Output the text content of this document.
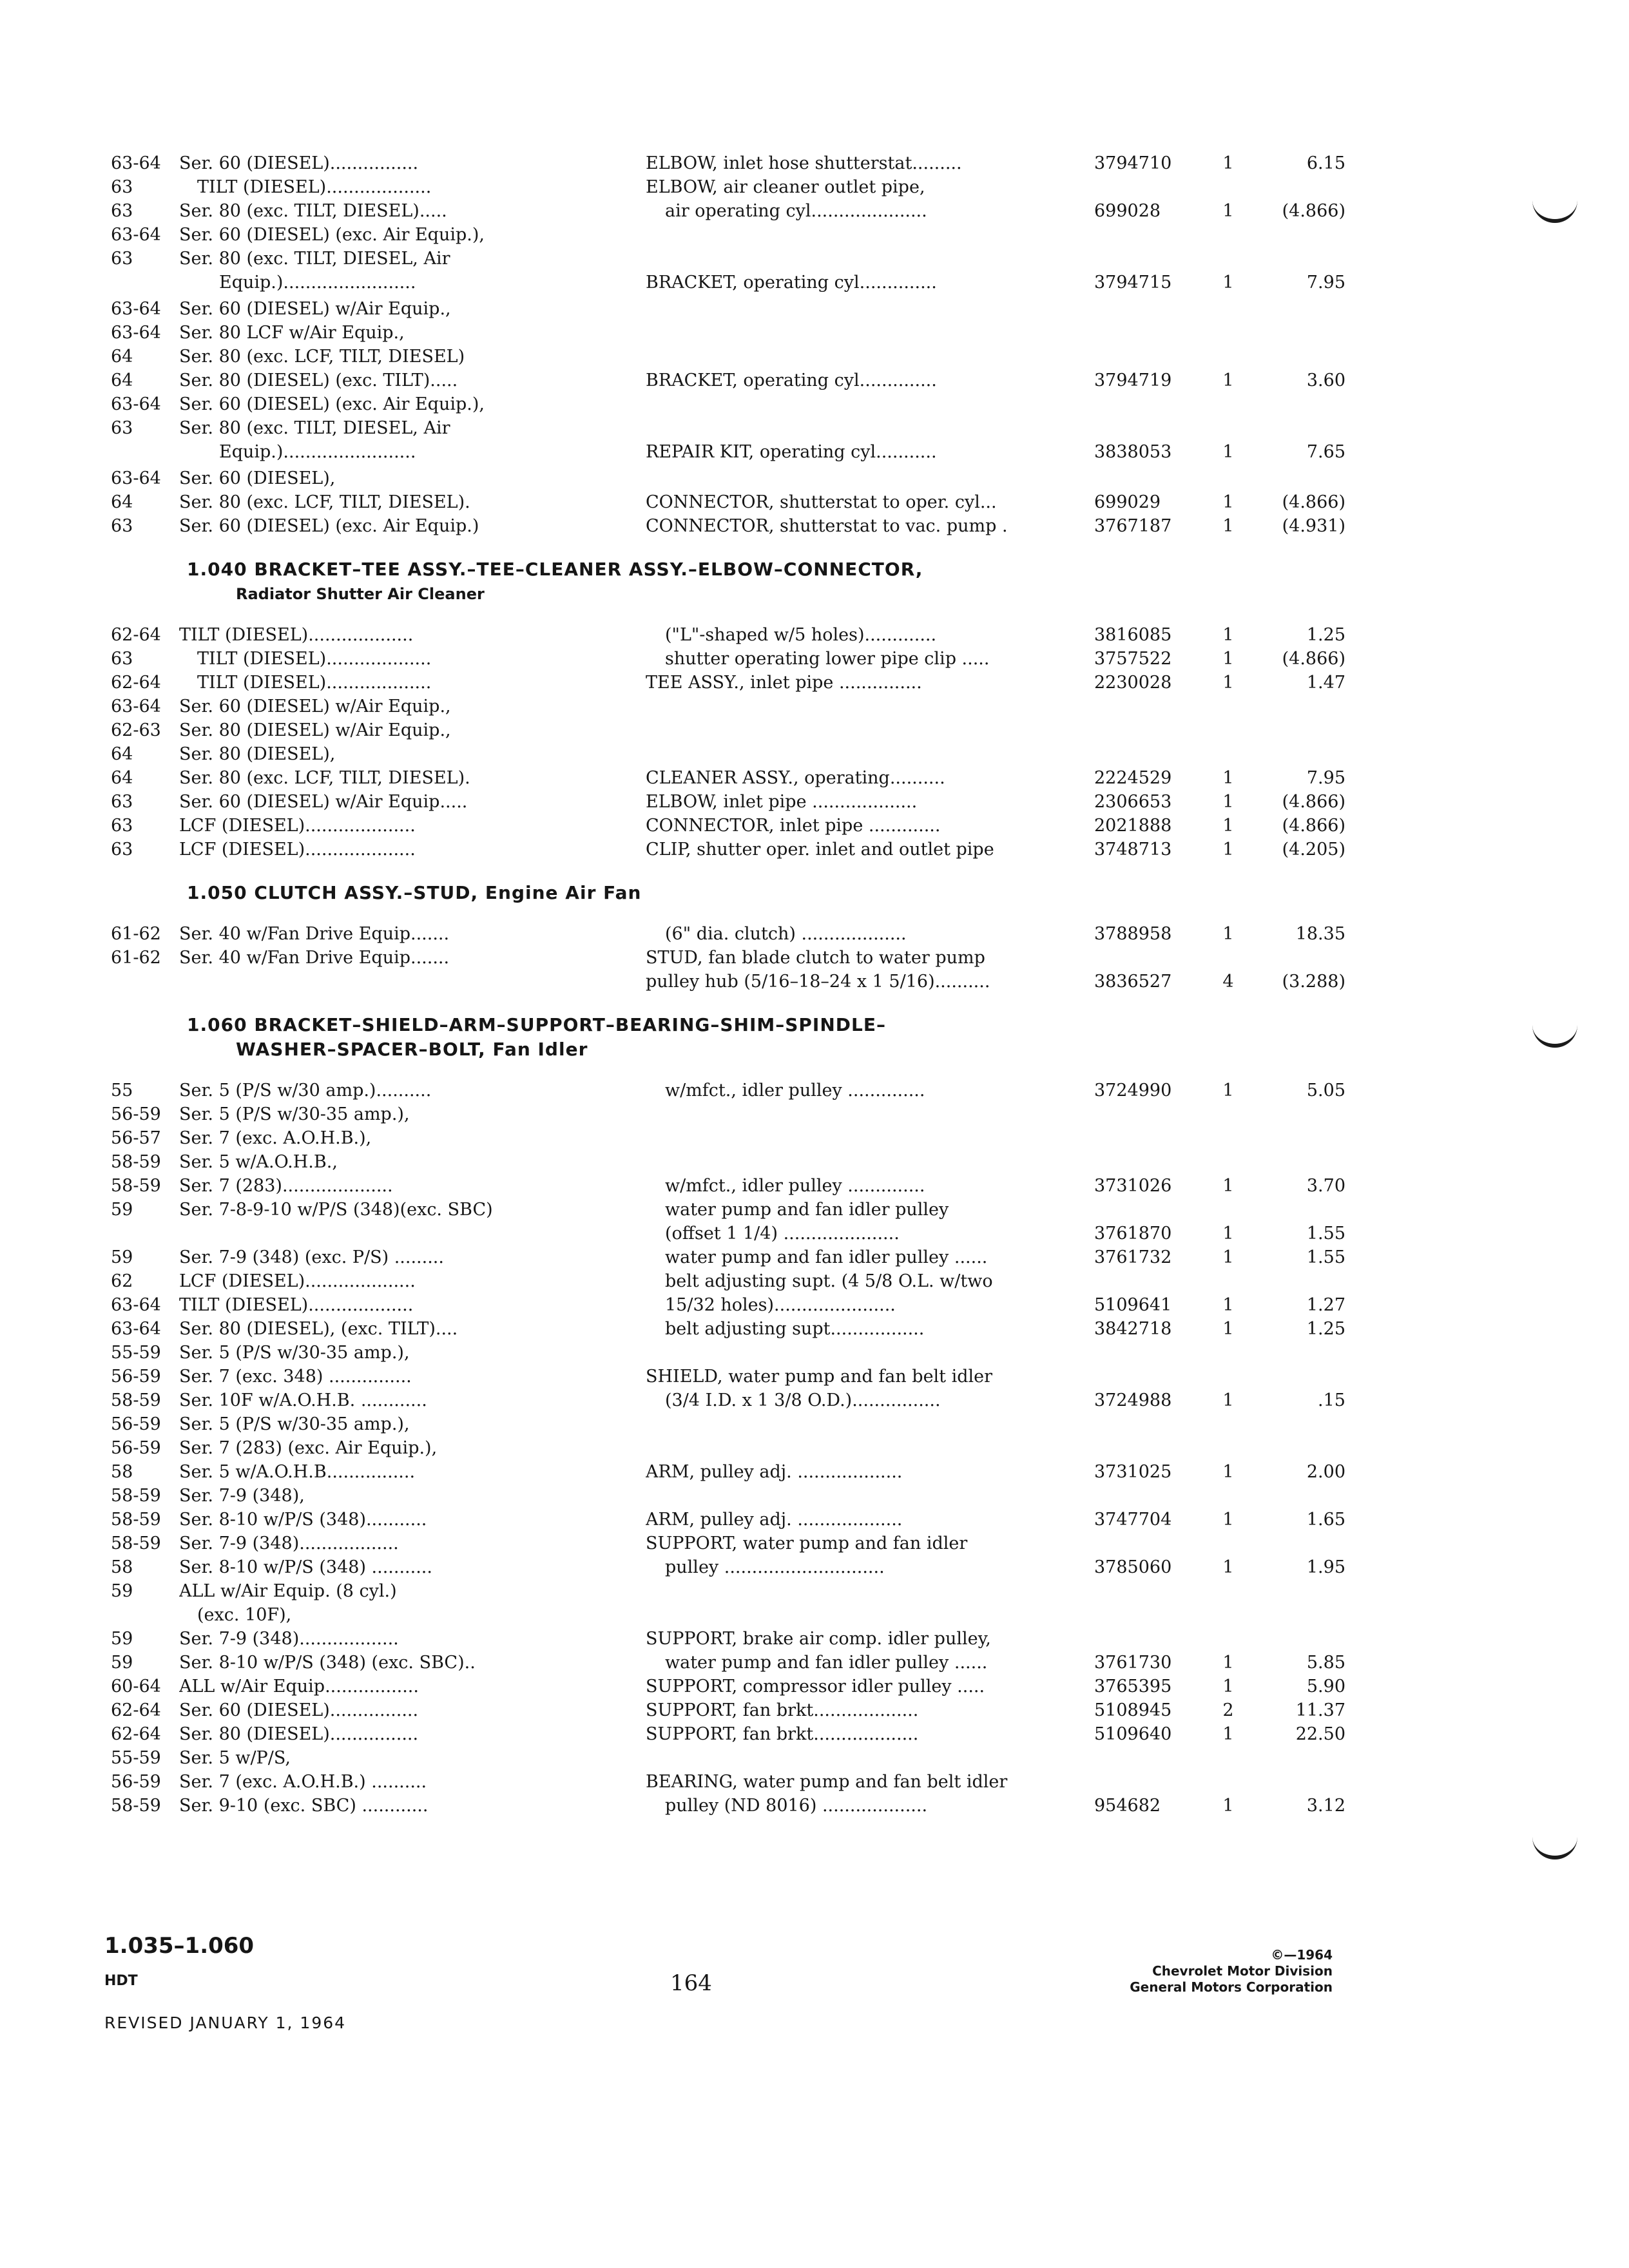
63-64	Ser. 60 (DIESEL)................	ELBOW, inlet hose shutterstat.........	3794710	1	6.15
63	TILT (DIESEL)...................	ELBOW, air cleaner outlet pipe,
63	Ser. 80 (exc. TILT, DIESEL).....	air operating cyl.....................	699028	1	(4.866)
63-64	Ser. 60 (DIESEL) (exc. Air Equip.),
63	Ser. 80 (exc. TILT, DIESEL, Air
Equip.)........................	BRACKET, operating cyl..............	3794715	1	7.95
63-64	Ser. 60 (DIESEL) w/Air Equip.,
63-64	Ser. 80 LCF w/Air Equip.,
64	Ser. 80 (exc. LCF, TILT, DIESEL)
64	Ser. 80 (DIESEL) (exc. TILT).....	BRACKET, operating cyl..............	3794719	1	3.60
63-64	Ser. 60 (DIESEL) (exc. Air Equip.),
63	Ser. 80 (exc. TILT, DIESEL, Air
Equip.)........................	REPAIR KIT, operating cyl...........	3838053	1	7.65
63-64	Ser. 60 (DIESEL),
64	Ser. 80 (exc. LCF, TILT, DIESEL).	CONNECTOR, shutterstat to oper. cyl...	699029	1	(4.866)
63	Ser. 60 (DIESEL) (exc. Air Equip.)	CONNECTOR, shutterstat to vac. pump .	3767187	1	(4.931)
1.040 BRACKET–TEE ASSY.–TEE–CLEANER ASSY.–ELBOW–CONNECTOR,
Radiator Shutter Air Cleaner
62-64	TILT (DIESEL)...................	("L"-shaped w/5 holes).............	3816085	1	1.25
63	TILT (DIESEL)...................	shutter operating lower pipe clip .....	3757522	1	(4.866)
62-64	TILT (DIESEL)...................	TEE ASSY., inlet pipe ...............	2230028	1	1.47
63-64	Ser. 60 (DIESEL) w/Air Equip.,
62-63	Ser. 80 (DIESEL) w/Air Equip.,
64	Ser. 80 (DIESEL),
64	Ser. 80 (exc. LCF, TILT, DIESEL).	CLEANER ASSY., operating..........	2224529	1	7.95
63	Ser. 60 (DIESEL) w/Air Equip.....	ELBOW, inlet pipe ...................	2306653	1	(4.866)
63	LCF (DIESEL)....................	CONNECTOR, inlet pipe .............	2021888	1	(4.866)
63	LCF (DIESEL)....................	CLIP, shutter oper. inlet and outlet pipe	3748713	1	(4.205)
1.050 CLUTCH ASSY.–STUD, Engine Air Fan
61-62	Ser. 40 w/Fan Drive Equip.......	(6" dia. clutch) ...................	3788958	1	18.35
61-62	Ser. 40 w/Fan Drive Equip.......	STUD, fan blade clutch to water pump
pulley hub (5/16–18–24 x 1 5/16)..........	3836527	4	(3.288)
1.060 BRACKET–SHIELD–ARM–SUPPORT–BEARING–SHIM–SPINDLE–
WASHER–SPACER–BOLT, Fan Idler
55	Ser. 5 (P/S w/30 amp.)..........	w/mfct., idler pulley ..............	3724990	1	5.05
56-59	Ser. 5 (P/S w/30-35 amp.),
56-57	Ser. 7 (exc. A.O.H.B.),
58-59	Ser. 5 w/A.O.H.B.,
58-59	Ser. 7 (283)....................	w/mfct., idler pulley ..............	3731026	1	3.70
59	Ser. 7-8-9-10 w/P/S (348)(exc. SBC)	water pump and fan idler pulley
(offset 1 1/4) .....................	3761870	1	1.55
59	Ser. 7-9 (348) (exc. P/S) .........	water pump and fan idler pulley ......	3761732	1	1.55
62	LCF (DIESEL)....................	belt adjusting supt. (4 5/8 O.L. w/two
63-64	TILT (DIESEL)...................	15/32 holes)......................	5109641	1	1.27
63-64	Ser. 80 (DIESEL), (exc. TILT)....	belt adjusting supt.................	3842718	1	1.25
55-59	Ser. 5 (P/S w/30-35 amp.),
56-59	Ser. 7 (exc. 348) ...............	SHIELD, water pump and fan belt idler
58-59	Ser. 10F w/A.O.H.B. ............	(3/4 I.D. x 1 3/8 O.D.)................	3724988	1	.15
56-59	Ser. 5 (P/S w/30-35 amp.),
56-59	Ser. 7 (283) (exc. Air Equip.),
58	Ser. 5 w/A.O.H.B................	ARM, pulley adj. ...................	3731025	1	2.00
58-59	Ser. 7-9 (348),
58-59	Ser. 8-10 w/P/S (348)...........	ARM, pulley adj. ...................	3747704	1	1.65
58-59	Ser. 7-9 (348)..................	SUPPORT, water pump and fan idler
58	Ser. 8-10 w/P/S (348) ...........	pulley .............................	3785060	1	1.95
59	ALL w/Air Equip. (8 cyl.)
(exc. 10F),
59	Ser. 7-9 (348)..................	SUPPORT, brake air comp. idler pulley,
59	Ser. 8-10 w/P/S (348) (exc. SBC)..	water pump and fan idler pulley ......	3761730	1	5.85
60-64	ALL w/Air Equip.................	SUPPORT, compressor idler pulley .....	3765395	1	5.90
62-64	Ser. 60 (DIESEL)................	SUPPORT, fan brkt...................	5108945	2	11.37
62-64	Ser. 80 (DIESEL)................	SUPPORT, fan brkt...................	5109640	1	22.50
55-59	Ser. 5 w/P/S,
56-59	Ser. 7 (exc. A.O.H.B.) ..........	BEARING, water pump and fan belt idler
58-59	Ser. 9-10 (exc. SBC) ............	pulley (ND 8016) ...................	954682	1	3.12
1.035–1.060
HDT
REVISED JANUARY 1, 1964
164
©—1964
Chevrolet Motor Division
General Motors Corporation
